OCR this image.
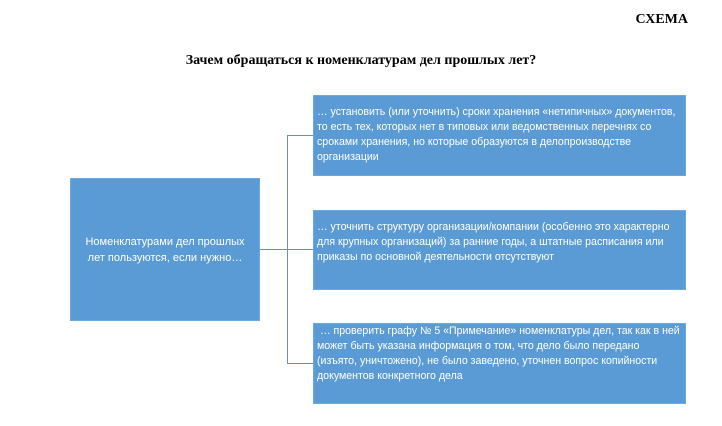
СХЕМА
Зачем обращаться к номенклатурам дел прошлых лет?
Номенклатурами дел прошлых лет пользуются, если нужно…
… установить (или уточнить) сроки хранения «нетипичных» документов, то есть тех, которых нет в типовых или ведомственных перечнях со сроками хранения, но которые образуются в делопроизводстве организации
… уточнить структуру организации/компании (особенно это характерно для крупных организаций) за ранние годы, а штатные расписания или приказы по основной деятельности отсутствуют
… проверить графу № 5 «Примечание» номенклатуры дел, так как в ней может быть указана информация о том, что дело было передано (изъято, уничтожено), не было заведено, уточнен вопрос копийности документов конкретного дела
